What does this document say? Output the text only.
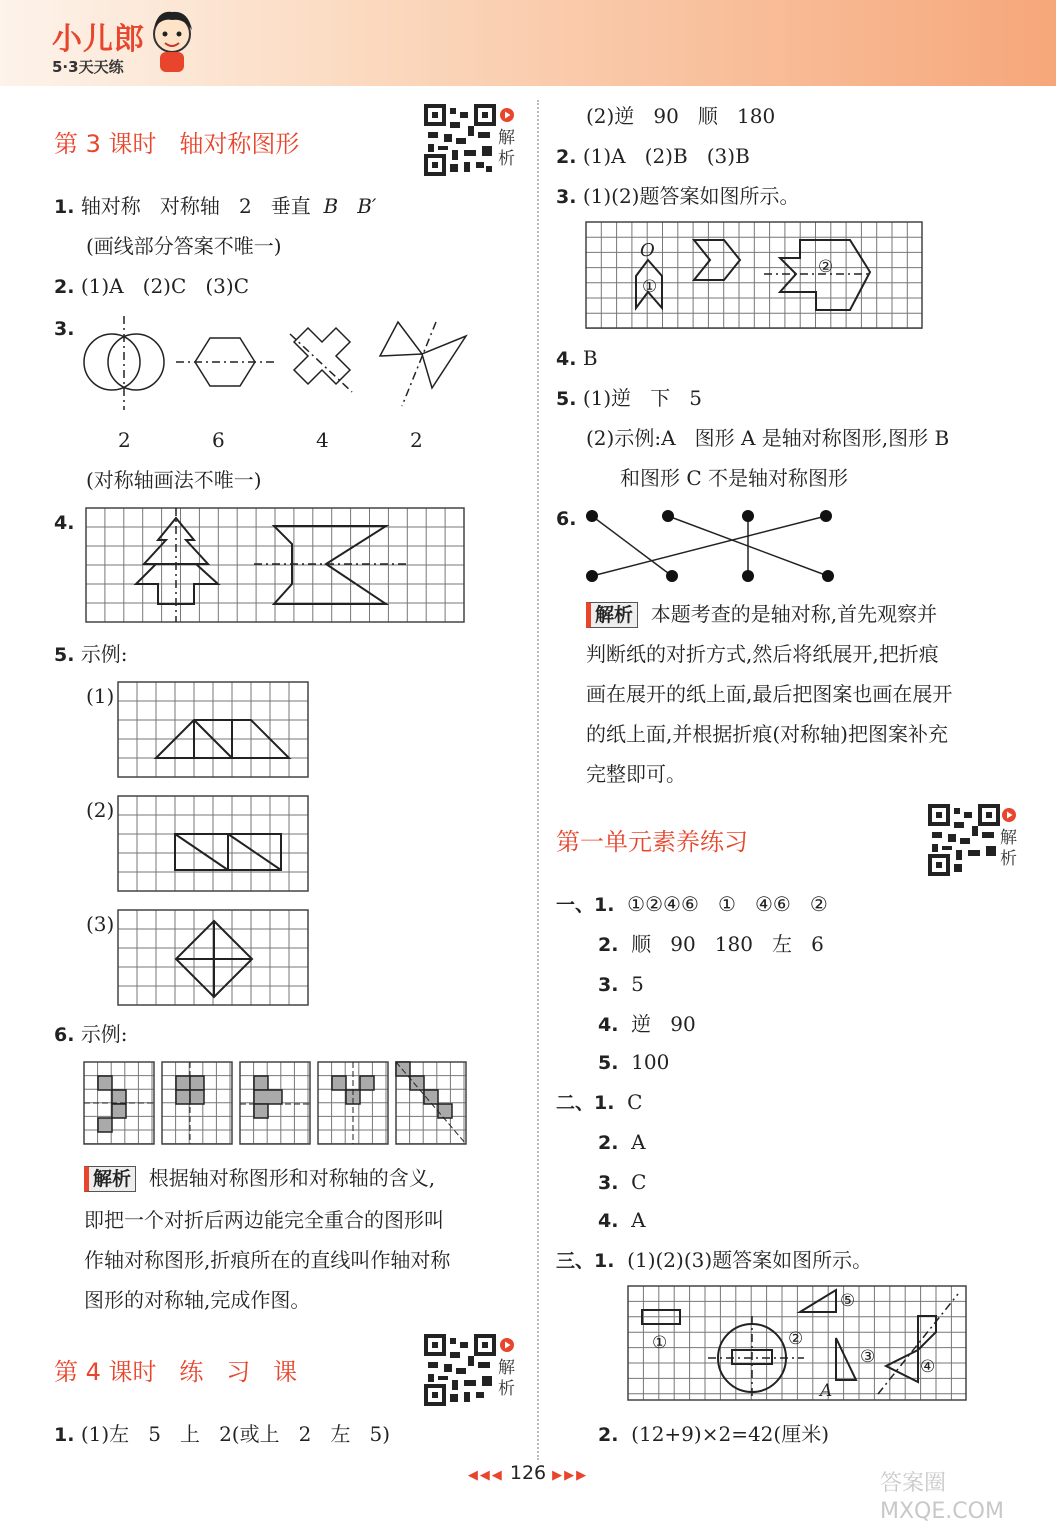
小儿郎
5·3天天练
第 3 课时   轴对称图形	解析
1. 轴对称   对称轴   2   垂直  B   B′
(画线部分答案不唯一)
2. (1)A   (2)C   (3)C
3.
2	6	4	2
(对称轴画法不唯一)
4.
5. 示例:
(1)
(2)
(3)
6. 示例:
解析 根据轴对称图形和对称轴的含义,
即把一个对折后两边能完全重合的图形叫
作轴对称图形,折痕所在的直线叫作轴对称
图形的对称轴,完成作图。
第 4 课时   练   习   课	解析
1. (1)左   5   上   2(或上   2   左   5)
(2)逆   90   顺   180
2. (1)A   (2)B   (3)B
3. (1)(2)题答案如图所示。
O
①
②
4. B
5. (1)逆   下   5
(2)示例:A   图形 A 是轴对称图形,图形 B
和图形 C 不是轴对称图形
6.
解析 本题考查的是轴对称,首先观察并
判断纸的对折方式,然后将纸展开,把折痕
画在展开的纸上面,最后把图案也画在展开
的纸上面,并根据折痕(对称轴)把图案补充
完整即可。
第一单元素养练习	解析
一、1. ①②④⑥   ①   ④⑥   ②
2. 顺   90   180   左   6
3. 5
4. 逆   90
5. 100
二、1. C
2. A
3. C
4. A
三、1. (1)(2)(3)题答案如图所示。
①	②
③	④
⑤
A
2. (12+9)×2=42(厘米)
◀◀◀ 126 ▶▶▶	答案圈
MXQE.COM
